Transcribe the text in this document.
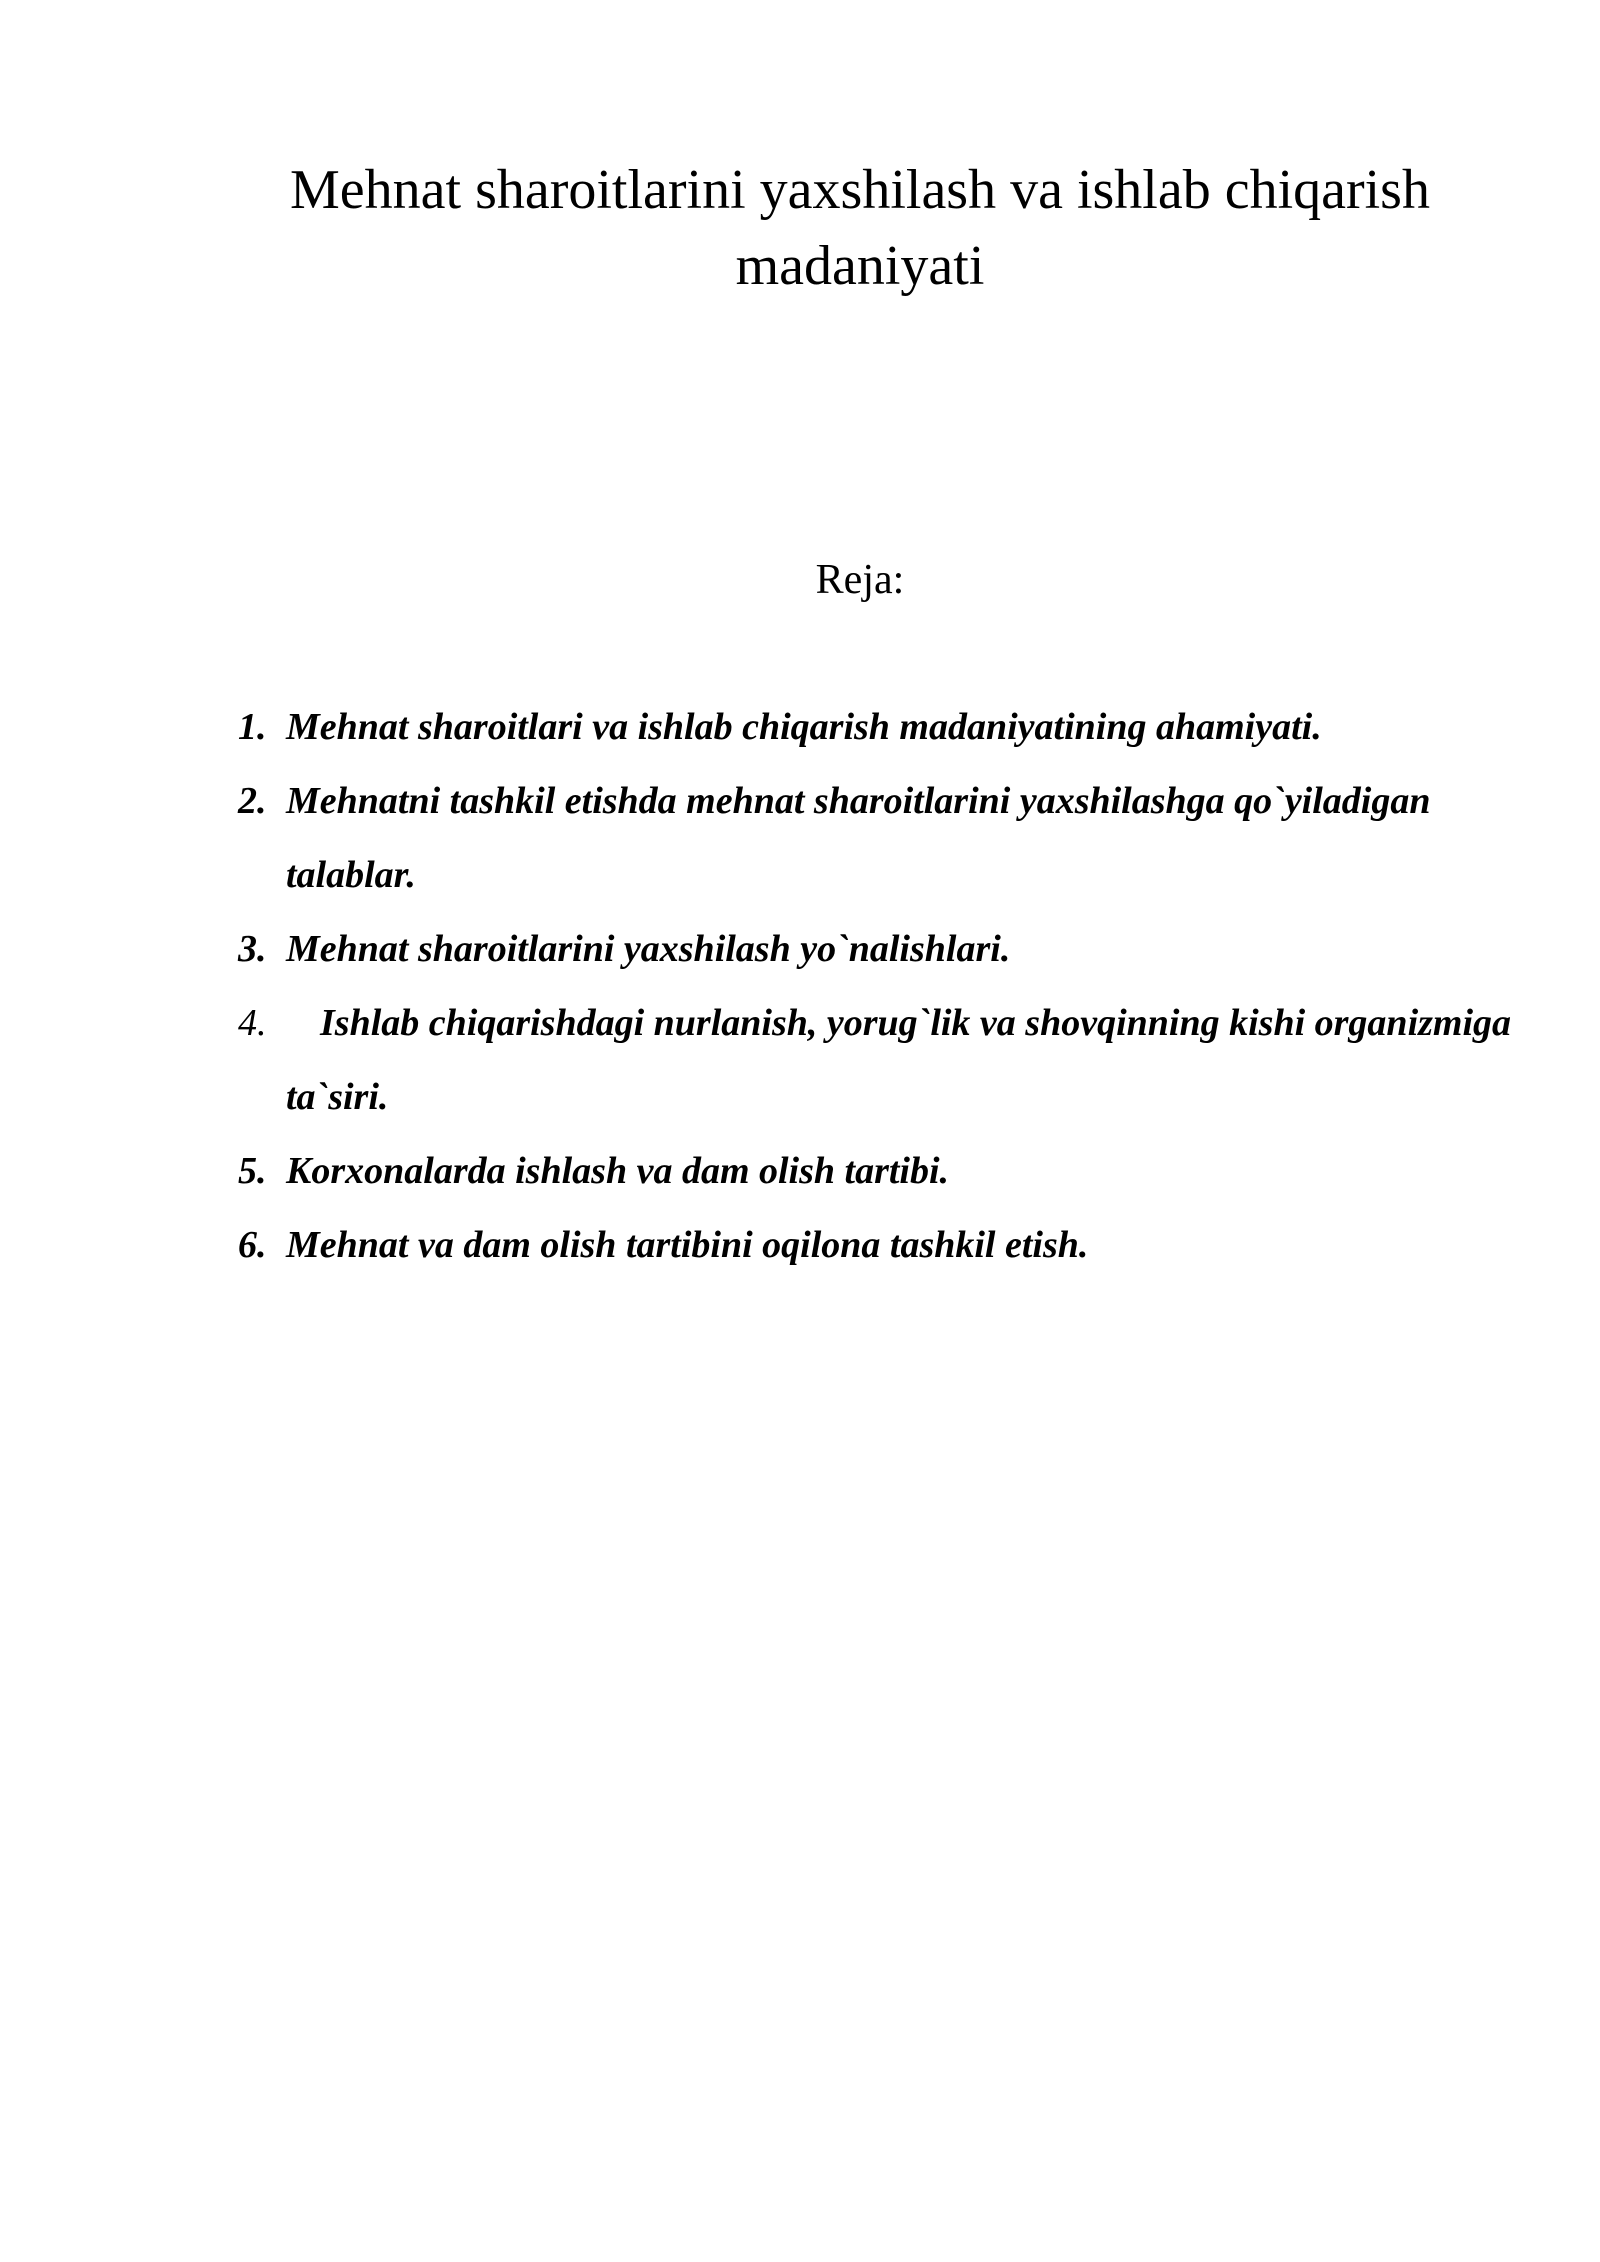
Mehnat sharoitlarini yaxshilash va ishlab chiqarish
madaniyati
Reja:
1. Mehnat sharoitlari va ishlab chiqarish madaniyatining ahamiyati.
2. Mehnatni tashkil etishda mehnat sharoitlarini yaxshilashga qo`yiladigan talablar.
3. Mehnat sharoitlarini yaxshilash yo`nalishlari.
4. Ishlab chiqarishdagi nurlanish, yorug`lik va shovqinning kishi organizmiga ta`siri.
5. Korxonalarda ishlash va dam olish tartibi.
6. Mehnat va dam olish tartibini oqilona tashkil etish.
